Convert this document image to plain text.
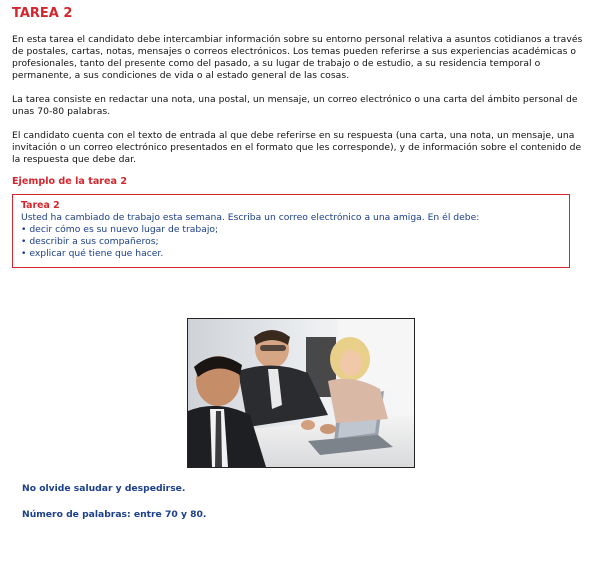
TAREA 2

En esta tarea el candidato debe intercambiar información sobre su entorno personal relativa a asuntos cotidianos a través de postales, cartas, notas, mensajes o correos electrónicos. Los temas pueden referirse a sus experiencias académicas o profesionales, tanto del presente como del pasado, a su lugar de trabajo o de estudio, a su residencia temporal o permanente, a sus condiciones de vida o al estado general de las cosas.

La tarea consiste en redactar una nota, una postal, un mensaje, un correo electrónico o una carta del ámbito personal de unas 70-80 palabras.

El candidato cuenta con el texto de entrada al que debe referirse en su respuesta (una carta, una nota, un mensaje, una invitación o un correo electrónico presentados en el formato que les corresponde), y de información sobre el contenido de la respuesta que debe dar.

Ejemplo de la tarea 2
Tarea 2
Usted ha cambiado de trabajo esta semana. Escriba un correo electrónico a una amiga. En él debe:
• decir cómo es su nuevo lugar de trabajo;
• describir a sus compañeros;
• explicar qué tiene que hacer.
No olvide saludar y despedirse.
Número de palabras: entre 70 y 80.
